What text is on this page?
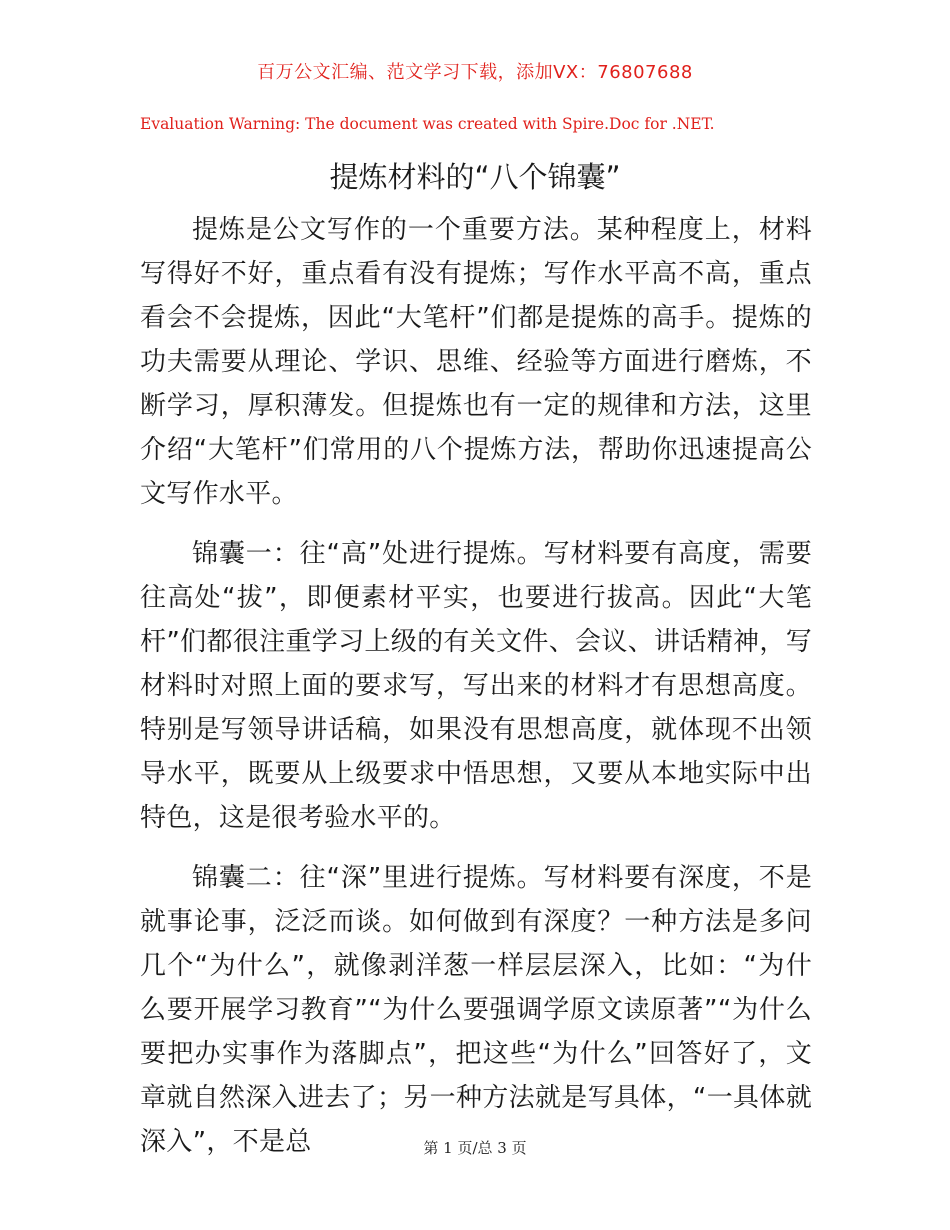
百万公文汇编、范文学习下载，添加VX：76807688
Evaluation Warning: The document was created with Spire.Doc for .NET.
提炼材料的“八个锦囊”

提炼是公文写作的一个重要方法。某种程度上，材料写得好不好，重点看有没有提炼；写作水平高不高，重点看会不会提炼，因此“大笔杆”们都是提炼的高手。提炼的功夫需要从理论、学识、思维、经验等方面进行磨炼，不断学习，厚积薄发。但提炼也有一定的规律和方法，这里介绍“大笔杆”们常用的八个提炼方法，帮助你迅速提高公文写作水平。

锦囊一：往“高”处进行提炼。写材料要有高度，需要往高处“拔”，即便素材平实，也要进行拔高。因此“大笔杆”们都很注重学习上级的有关文件、会议、讲话精神，写材料时对照上面的要求写，写出来的材料才有思想高度。特别是写领导讲话稿，如果没有思想高度，就体现不出领导水平，既要从上级要求中悟思想，又要从本地实际中出特色，这是很考验水平的。

锦囊二：往“深”里进行提炼。写材料要有深度，不是就事论事，泛泛而谈。如何做到有深度？一种方法是多问几个“为什么”，就像剥洋葱一样层层深入，比如：“为什么要开展学习教育”“为什么要强调学原文读原著”“为什么要把办实事作为落脚点”，把这些“为什么”回答好了，文章就自然深入进去了；另一种方法就是写具体，“一具体就深入”，不是总	第 1 页/总 3 页
